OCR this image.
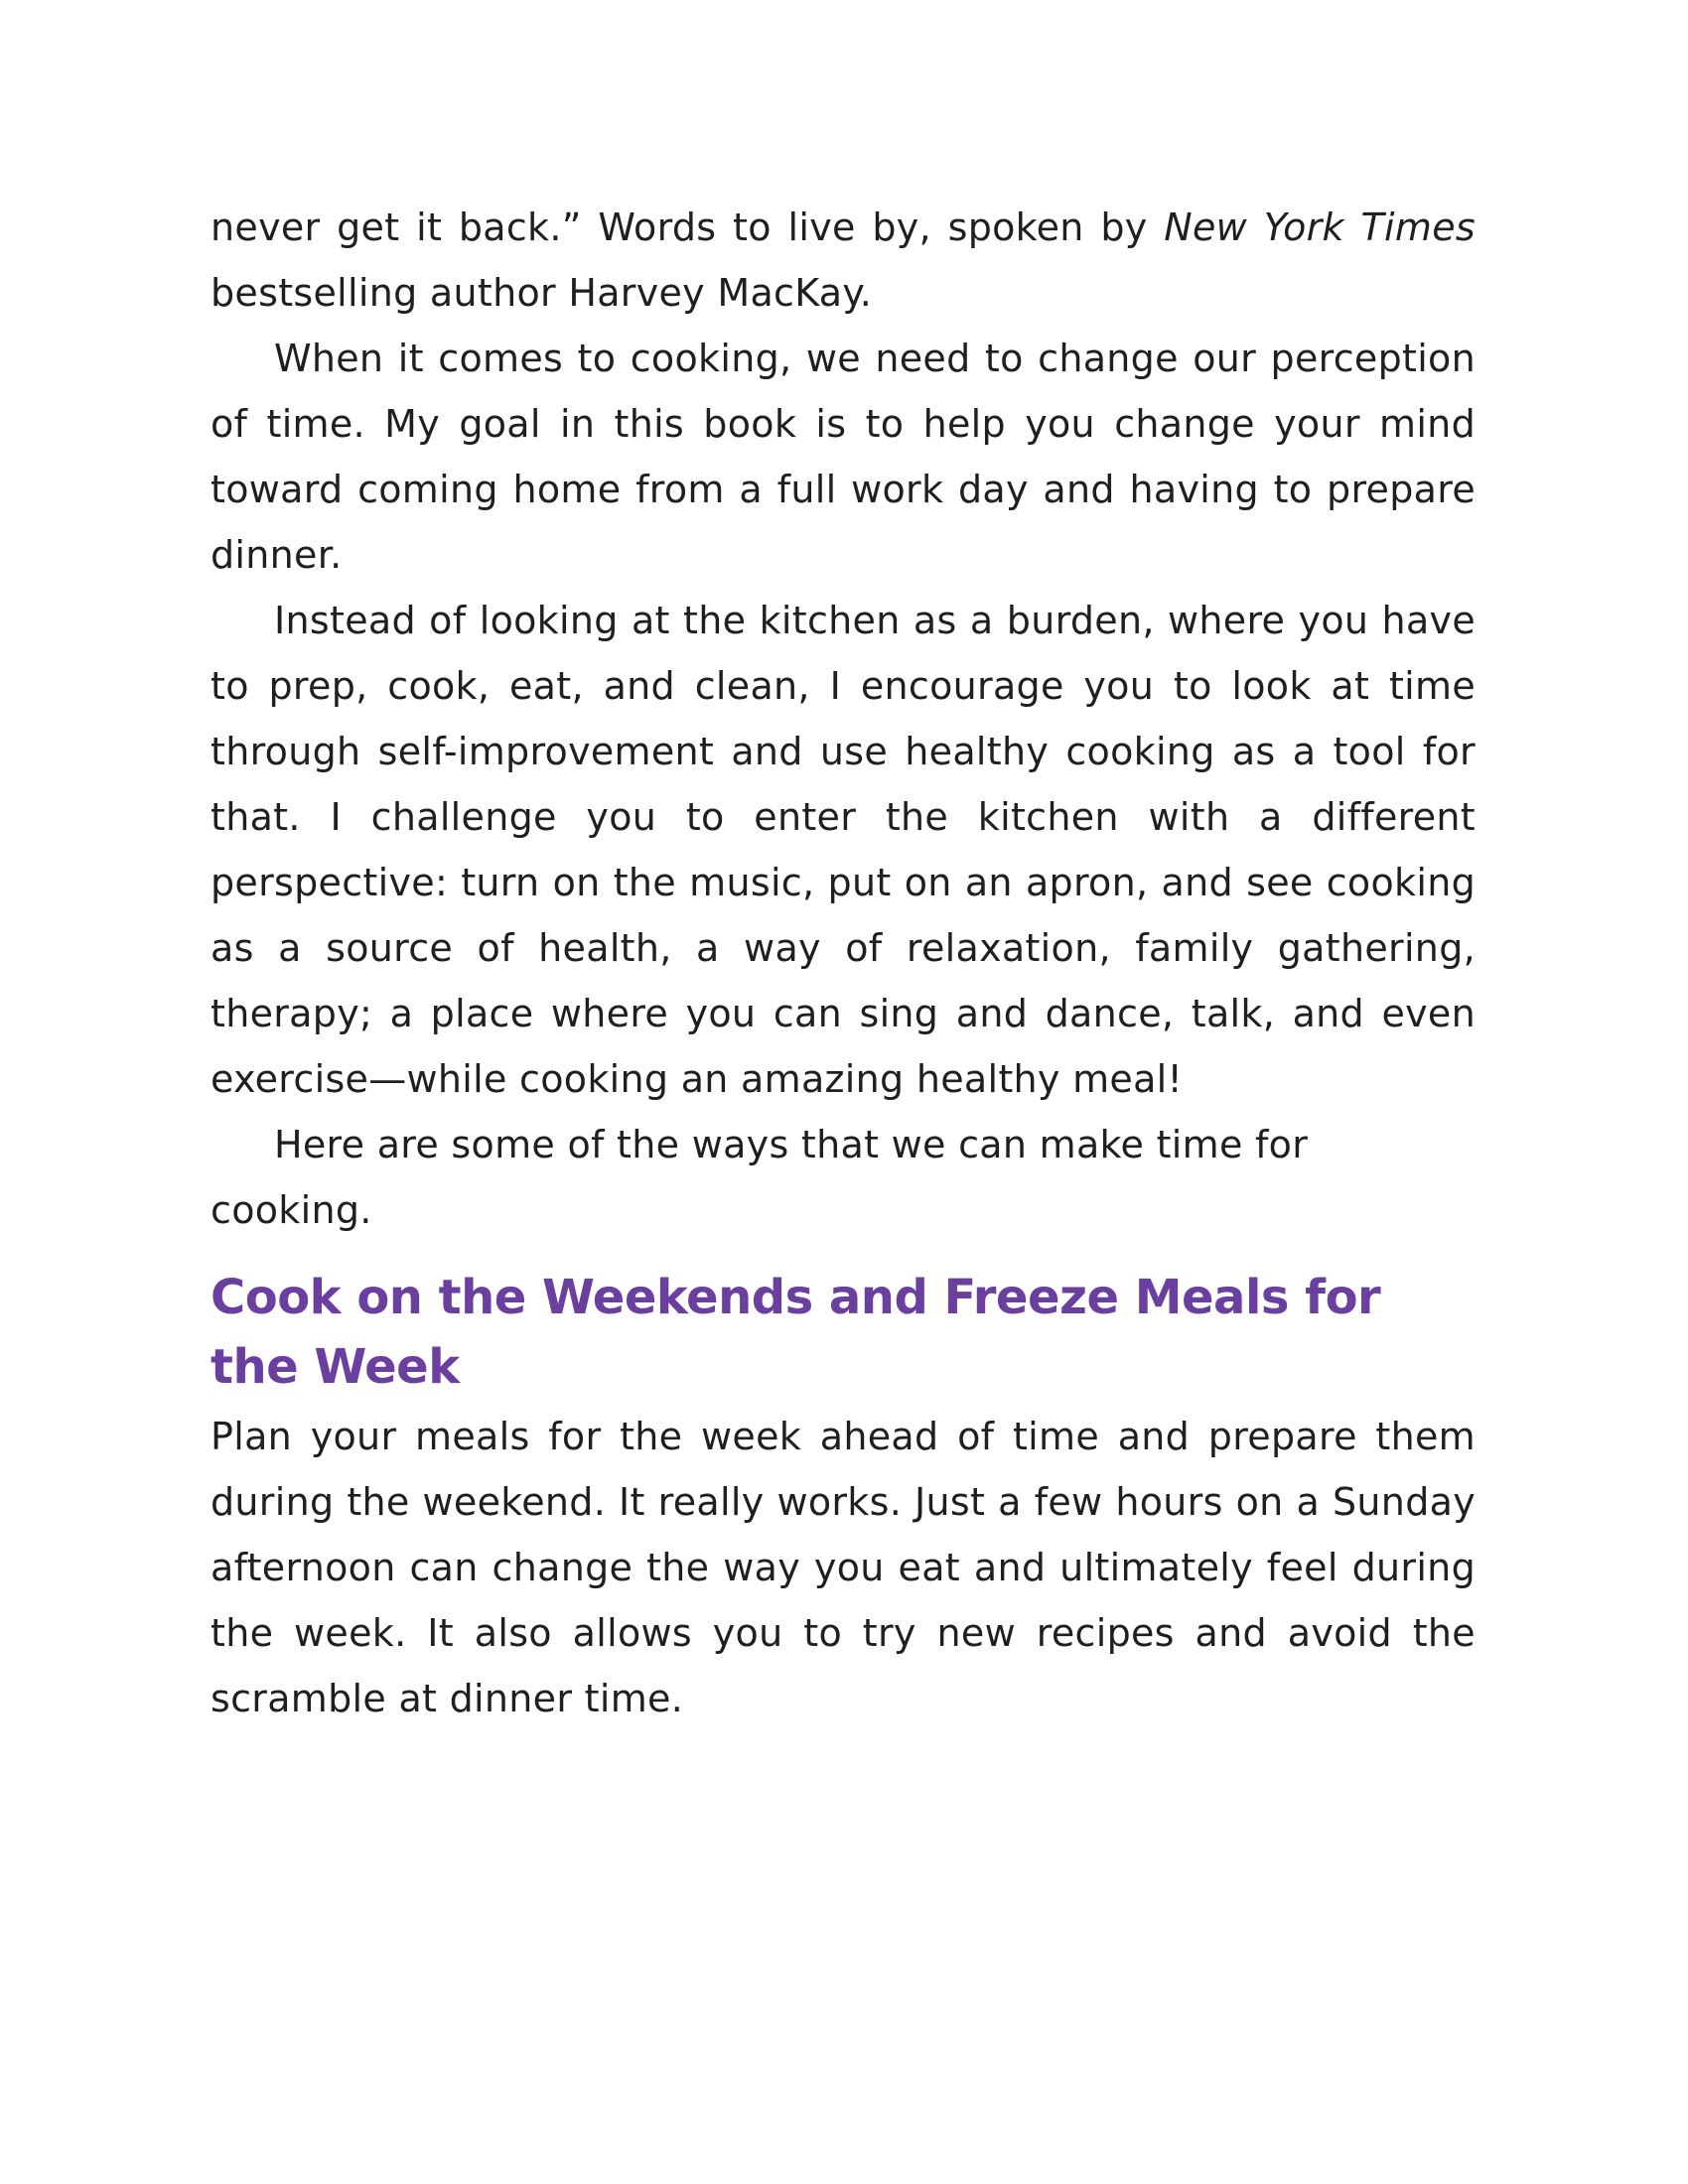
never get it back.” Words to live by, spoken by New York Times bestselling author Harvey MacKay.

When it comes to cooking, we need to change our perception of time. My goal in this book is to help you change your mind toward coming home from a full work day and having to prepare dinner.

Instead of looking at the kitchen as a burden, where you have to prep, cook, eat, and clean, I encourage you to look at time through self-improvement and use healthy cooking as a tool for that. I challenge you to enter the kitchen with a different perspective: turn on the music, put on an apron, and see cooking as a source of health, a way of relaxation, family gathering, therapy; a place where you can sing and dance, talk, and even exercise—while cooking an amazing healthy meal!

Here are some of the ways that we can make time for cooking.

Cook on the Weekends and Freeze Meals for the Week

Plan your meals for the week ahead of time and prepare them during the weekend. It really works. Just a few hours on a Sunday afternoon can change the way you eat and ultimately feel during the week. It also allows you to try new recipes and avoid the scramble at dinner time.
